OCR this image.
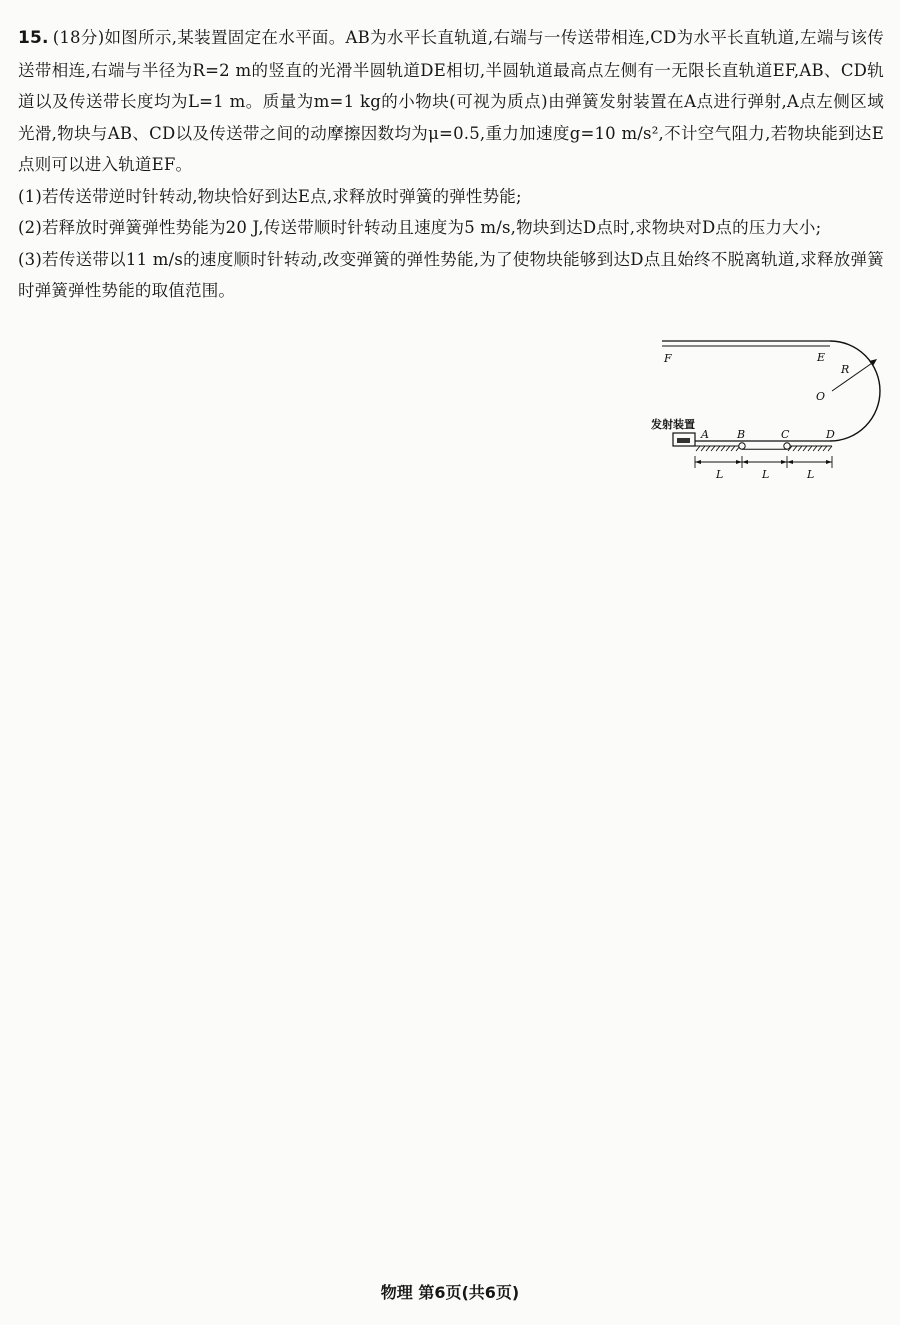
15. (18分)如图所示,某装置固定在水平面。AB为水平长直轨道,右端与一传送带相连,CD为水平长直轨道,左端与该传送带相连,右端与半径为R=2 m的竖直的光滑半圆轨道DE相切,半圆轨道最高点左侧有一无限长直轨道EF,AB、CD轨道以及传送带长度均为L=1 m。质量为m=1 kg的小物块(可视为质点)由弹簧发射装置在A点进行弹射,A点左侧区域光滑,物块与AB、CD以及传送带之间的动摩擦因数均为μ=0.5,重力加速度g=10 m/s²,不计空气阻力,若物块能到达E点则可以进入轨道EF。

(1)若传送带逆时针转动,物块恰好到达E点,求释放时弹簧的弹性势能;

(2)若释放时弹簧弹性势能为20 J,传送带顺时针转动且速度为5 m/s,物块到达D点时,求物块对D点的压力大小;

(3)若传送带以11 m/s的速度顺时针转动,改变弹簧的弹性势能,为了使物块能够到达D点且始终不脱离轨道,求释放弹簧时弹簧弹性势能的取值范围。

F	E
R
O
发射装置
A	B	C	D
L	L	L
物理 第6页(共6页)
